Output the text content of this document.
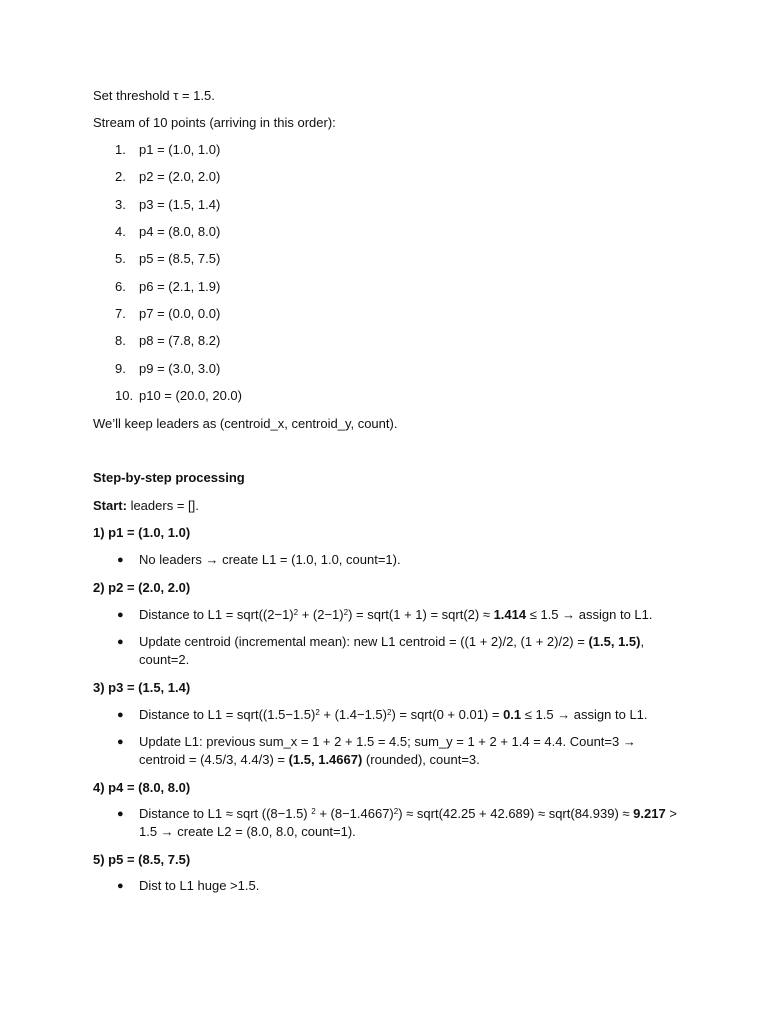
Set threshold τ = 1.5.
Stream of 10 points (arriving in this order):
1. p1 = (1.0, 1.0)
2. p2 = (2.0, 2.0)
3. p3 = (1.5, 1.4)
4. p4 = (8.0, 8.0)
5. p5 = (8.5, 7.5)
6. p6 = (2.1, 1.9)
7. p7 = (0.0, 0.0)
8. p8 = (7.8, 8.2)
9. p9 = (3.0, 3.0)
10. p10 = (20.0, 20.0)
We’ll keep leaders as (centroid_x, centroid_y, count).
Step-by-step processing
Start: leaders = [].
1) p1 = (1.0, 1.0)
● No leaders → create L1 = (1.0, 1.0, count=1).
2) p2 = (2.0, 2.0)
● Distance to $L1 = sqrt((2-1)^2 + (2-1)^2)$ = sqrt(1 + 1) = sqrt(2) ≈ 1.414 ≤ 1.5 → assign to L1.
● Update centroid (incremental mean): new L1 centroid = ((1 + 2)/2, (1 + 2)/2) = (1.5, 1.5), count=2.
3) p3 = (1.5, 1.4)
● Distance to $L1 = sqrt((1.5-1.5)^2 + (1.4-1.5)^2)$ = sqrt(0 + 0.01) = 0.1 ≤ 1.5 → assign to L1.
● Update L1: previous sum_x = 1 + 2 + 1.5 = 4.5; sum_y = 1 + 2 + 1.4 = 4.4. Count=3 → centroid = (4.5/3, 4.4/3) = (1.5, 1.4667) (rounded), count=3.
4) p4 = (8.0, 8.0)
● Distance to L1 ≈ sqrt ((8−1.5) $^2 + (8-1.4667)^2$) ≈ sqrt(42.25 + 42.689) ≈ sqrt(84.939) ≈ 9.217 > 1.5 → create L2 = (8.0, 8.0, count=1).
5) p5 = (8.5, 7.5)
● Dist to L1 huge >1.5.
